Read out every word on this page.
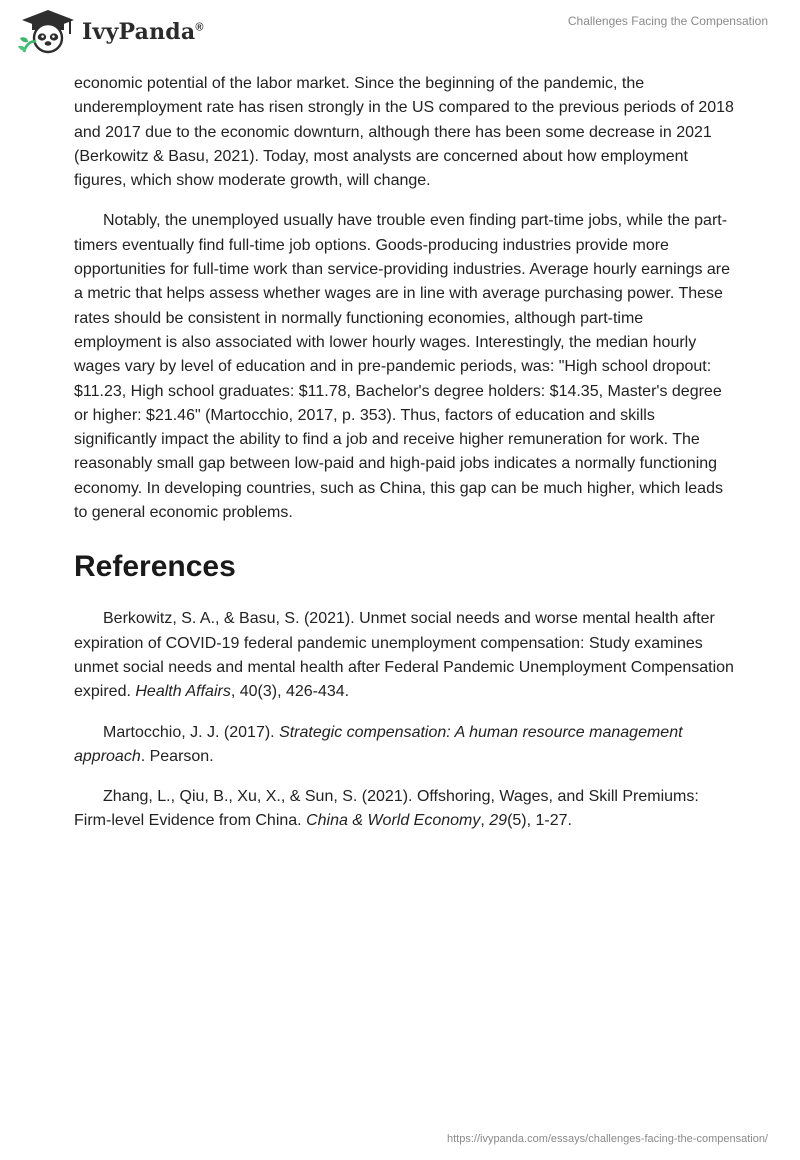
IvyPanda®	Challenges Facing the Compensation

economic potential of the labor market. Since the beginning of the pandemic, the underemployment rate has risen strongly in the US compared to the previous periods of 2018 and 2017 due to the economic downturn, although there has been some decrease in 2021 (Berkowitz & Basu, 2021). Today, most analysts are concerned about how employment figures, which show moderate growth, will change.

Notably, the unemployed usually have trouble even finding part-time jobs, while the part-timers eventually find full-time job options. Goods-producing industries provide more opportunities for full-time work than service-providing industries. Average hourly earnings are a metric that helps assess whether wages are in line with average purchasing power. These rates should be consistent in normally functioning economies, although part-time employment is also associated with lower hourly wages. Interestingly, the median hourly wages vary by level of education and in pre-pandemic periods, was: "High school dropout: $11.23, High school graduates: $11.78, Bachelor's degree holders: $14.35, Master's degree or higher: $21.46" (Martocchio, 2017, p. 353). Thus, factors of education and skills significantly impact the ability to find a job and receive higher remuneration for work. The reasonably small gap between low-paid and high-paid jobs indicates a normally functioning economy. In developing countries, such as China, this gap can be much higher, which leads to general economic problems.

References

Berkowitz, S. A., & Basu, S. (2021). Unmet social needs and worse mental health after expiration of COVID-19 federal pandemic unemployment compensation: Study examines unmet social needs and mental health after Federal Pandemic Unemployment Compensation expired. Health Affairs, 40(3), 426-434.

Martocchio, J. J. (2017). Strategic compensation: A human resource management approach. Pearson.

Zhang, L., Qiu, B., Xu, X., & Sun, S. (2021). Offshoring, Wages, and Skill Premiums: Firm-level Evidence from China. China & World Economy, 29(5), 1-27.

https://ivypanda.com/essays/challenges-facing-the-compensation/
